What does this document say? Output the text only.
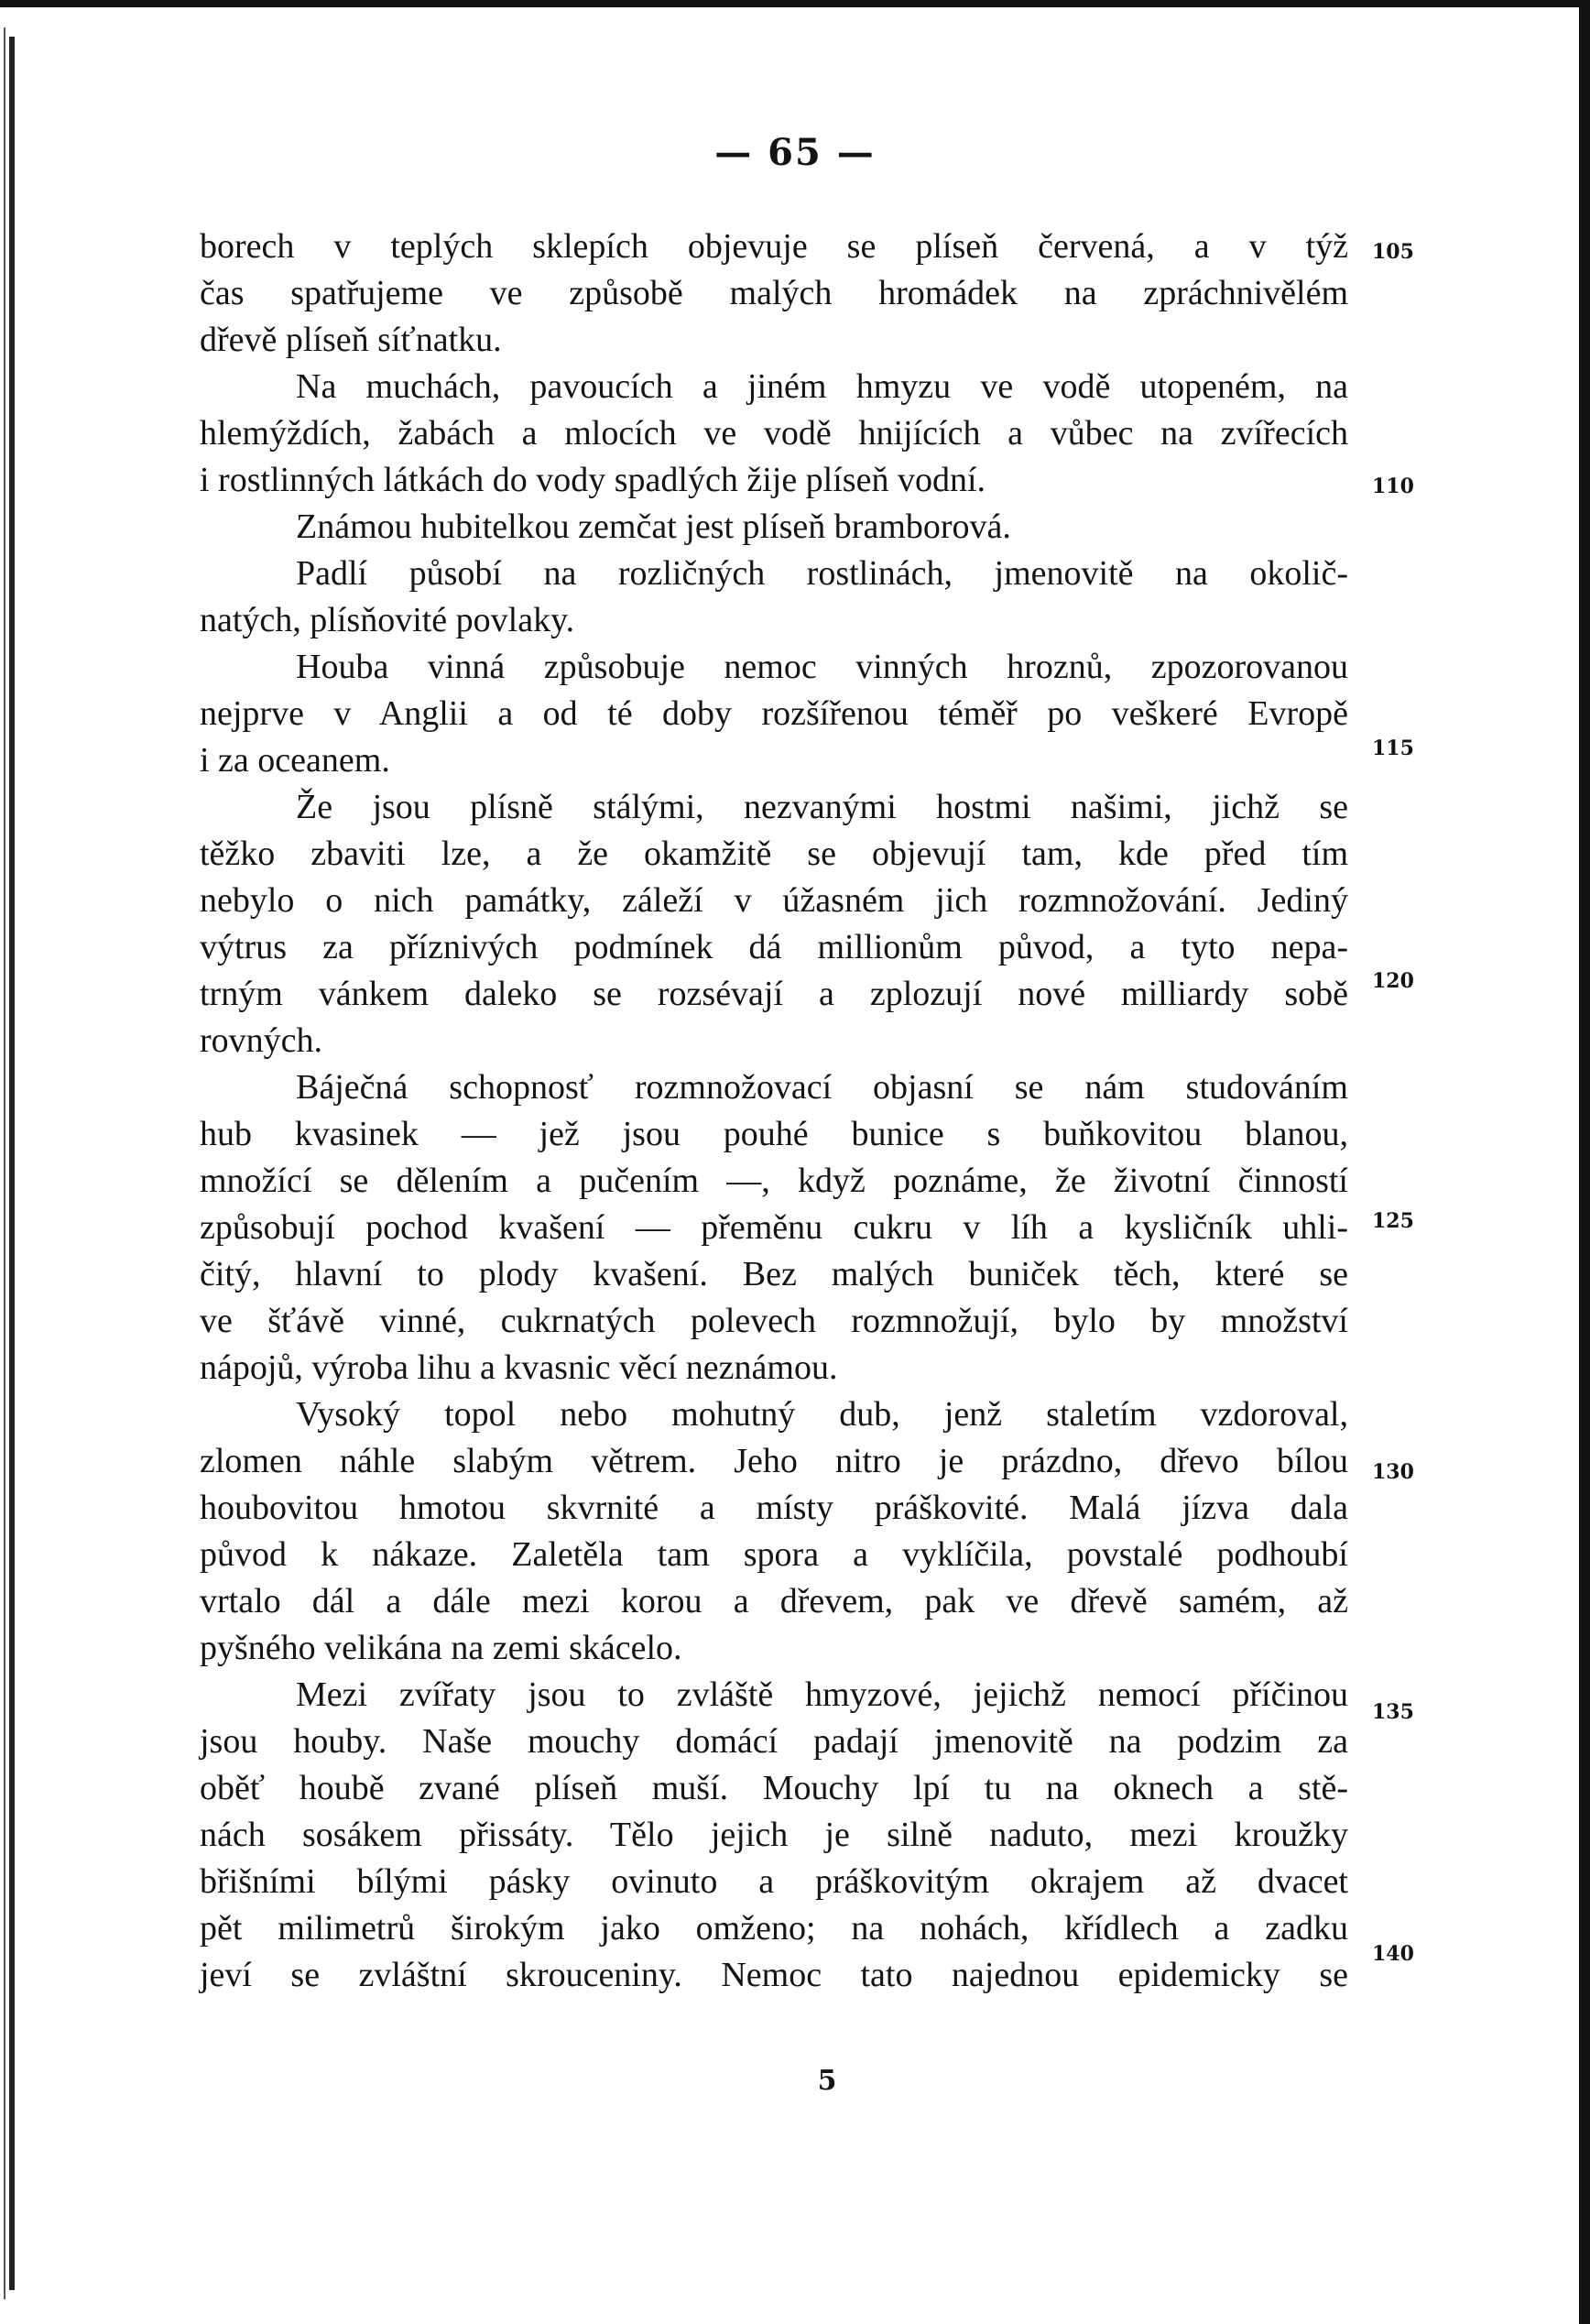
— 65 —
borech v teplých sklepích objevuje se plíseň červená, a v týž
čas spatřujeme ve způsobě malých hromádek na zpráchnivělém
dřevě plíseň síťnatku.
Na muchách, pavoucích a jiném hmyzu ve vodě utopeném, na
hlemýždích, žabách a mlocích ve vodě hnijících a vůbec na zvířecích
i rostlinných látkách do vody spadlých žije plíseň vodní.
Známou hubitelkou zemčat jest plíseň bramborová.
Padlí působí na rozličných rostlinách, jmenovitě na okolič-
natých, plísňovité povlaky.
Houba vinná způsobuje nemoc vinných hroznů, zpozorovanou
nejprve v Anglii a od té doby rozšířenou téměř po veškeré Evropě
i za oceanem.
Že jsou plísně stálými, nezvanými hostmi našimi, jichž se
těžko zbaviti lze, a že okamžitě se objevují tam, kde před tím
nebylo o nich památky, záleží v úžasném jich rozmnožování. Jediný
výtrus za příznivých podmínek dá millionům původ, a tyto nepa-
trným vánkem daleko se rozsévají a zplozují nové milliardy sobě
rovných.
Báječná schopnosť rozmnožovací objasní se nám studováním
hub kvasinek — jež jsou pouhé bunice s buňkovitou blanou,
množící se dělením a pučením —, když poznáme, že životní činností
způsobují pochod kvašení — přeměnu cukru v líh a kysličník uhli-
čitý, hlavní to plody kvašení. Bez malých buniček těch, které se
ve šťávě vinné, cukrnatých polevech rozmnožují, bylo by množství
nápojů, výroba lihu a kvasnic věcí neznámou.
Vysoký topol nebo mohutný dub, jenž staletím vzdoroval,
zlomen náhle slabým větrem. Jeho nitro je prázdno, dřevo bílou
houbovitou hmotou skvrnité a místy práškovité. Malá jízva dala
původ k nákaze. Zaletěla tam spora a vyklíčila, povstalé podhoubí
vrtalo dál a dále mezi korou a dřevem, pak ve dřevě samém, až
pyšného velikána na zemi skácelo.
Mezi zvířaty jsou to zvláště hmyzové, jejichž nemocí příčinou
jsou houby. Naše mouchy domácí padají jmenovitě na podzim za
oběť houbě zvané plíseň muší. Mouchy lpí tu na oknech a stě-
nách sosákem přissáty. Tělo jejich je silně naduto, mezi kroužky
břišními bílými pásky ovinuto a práškovitým okrajem až dvacet
pět milimetrů širokým jako omženo; na nohách, křídlech a zadku
jeví se zvláštní skrouceniny. Nemoc tato najednou epidemicky se
105
110
115
120
125
130
135
140
5
